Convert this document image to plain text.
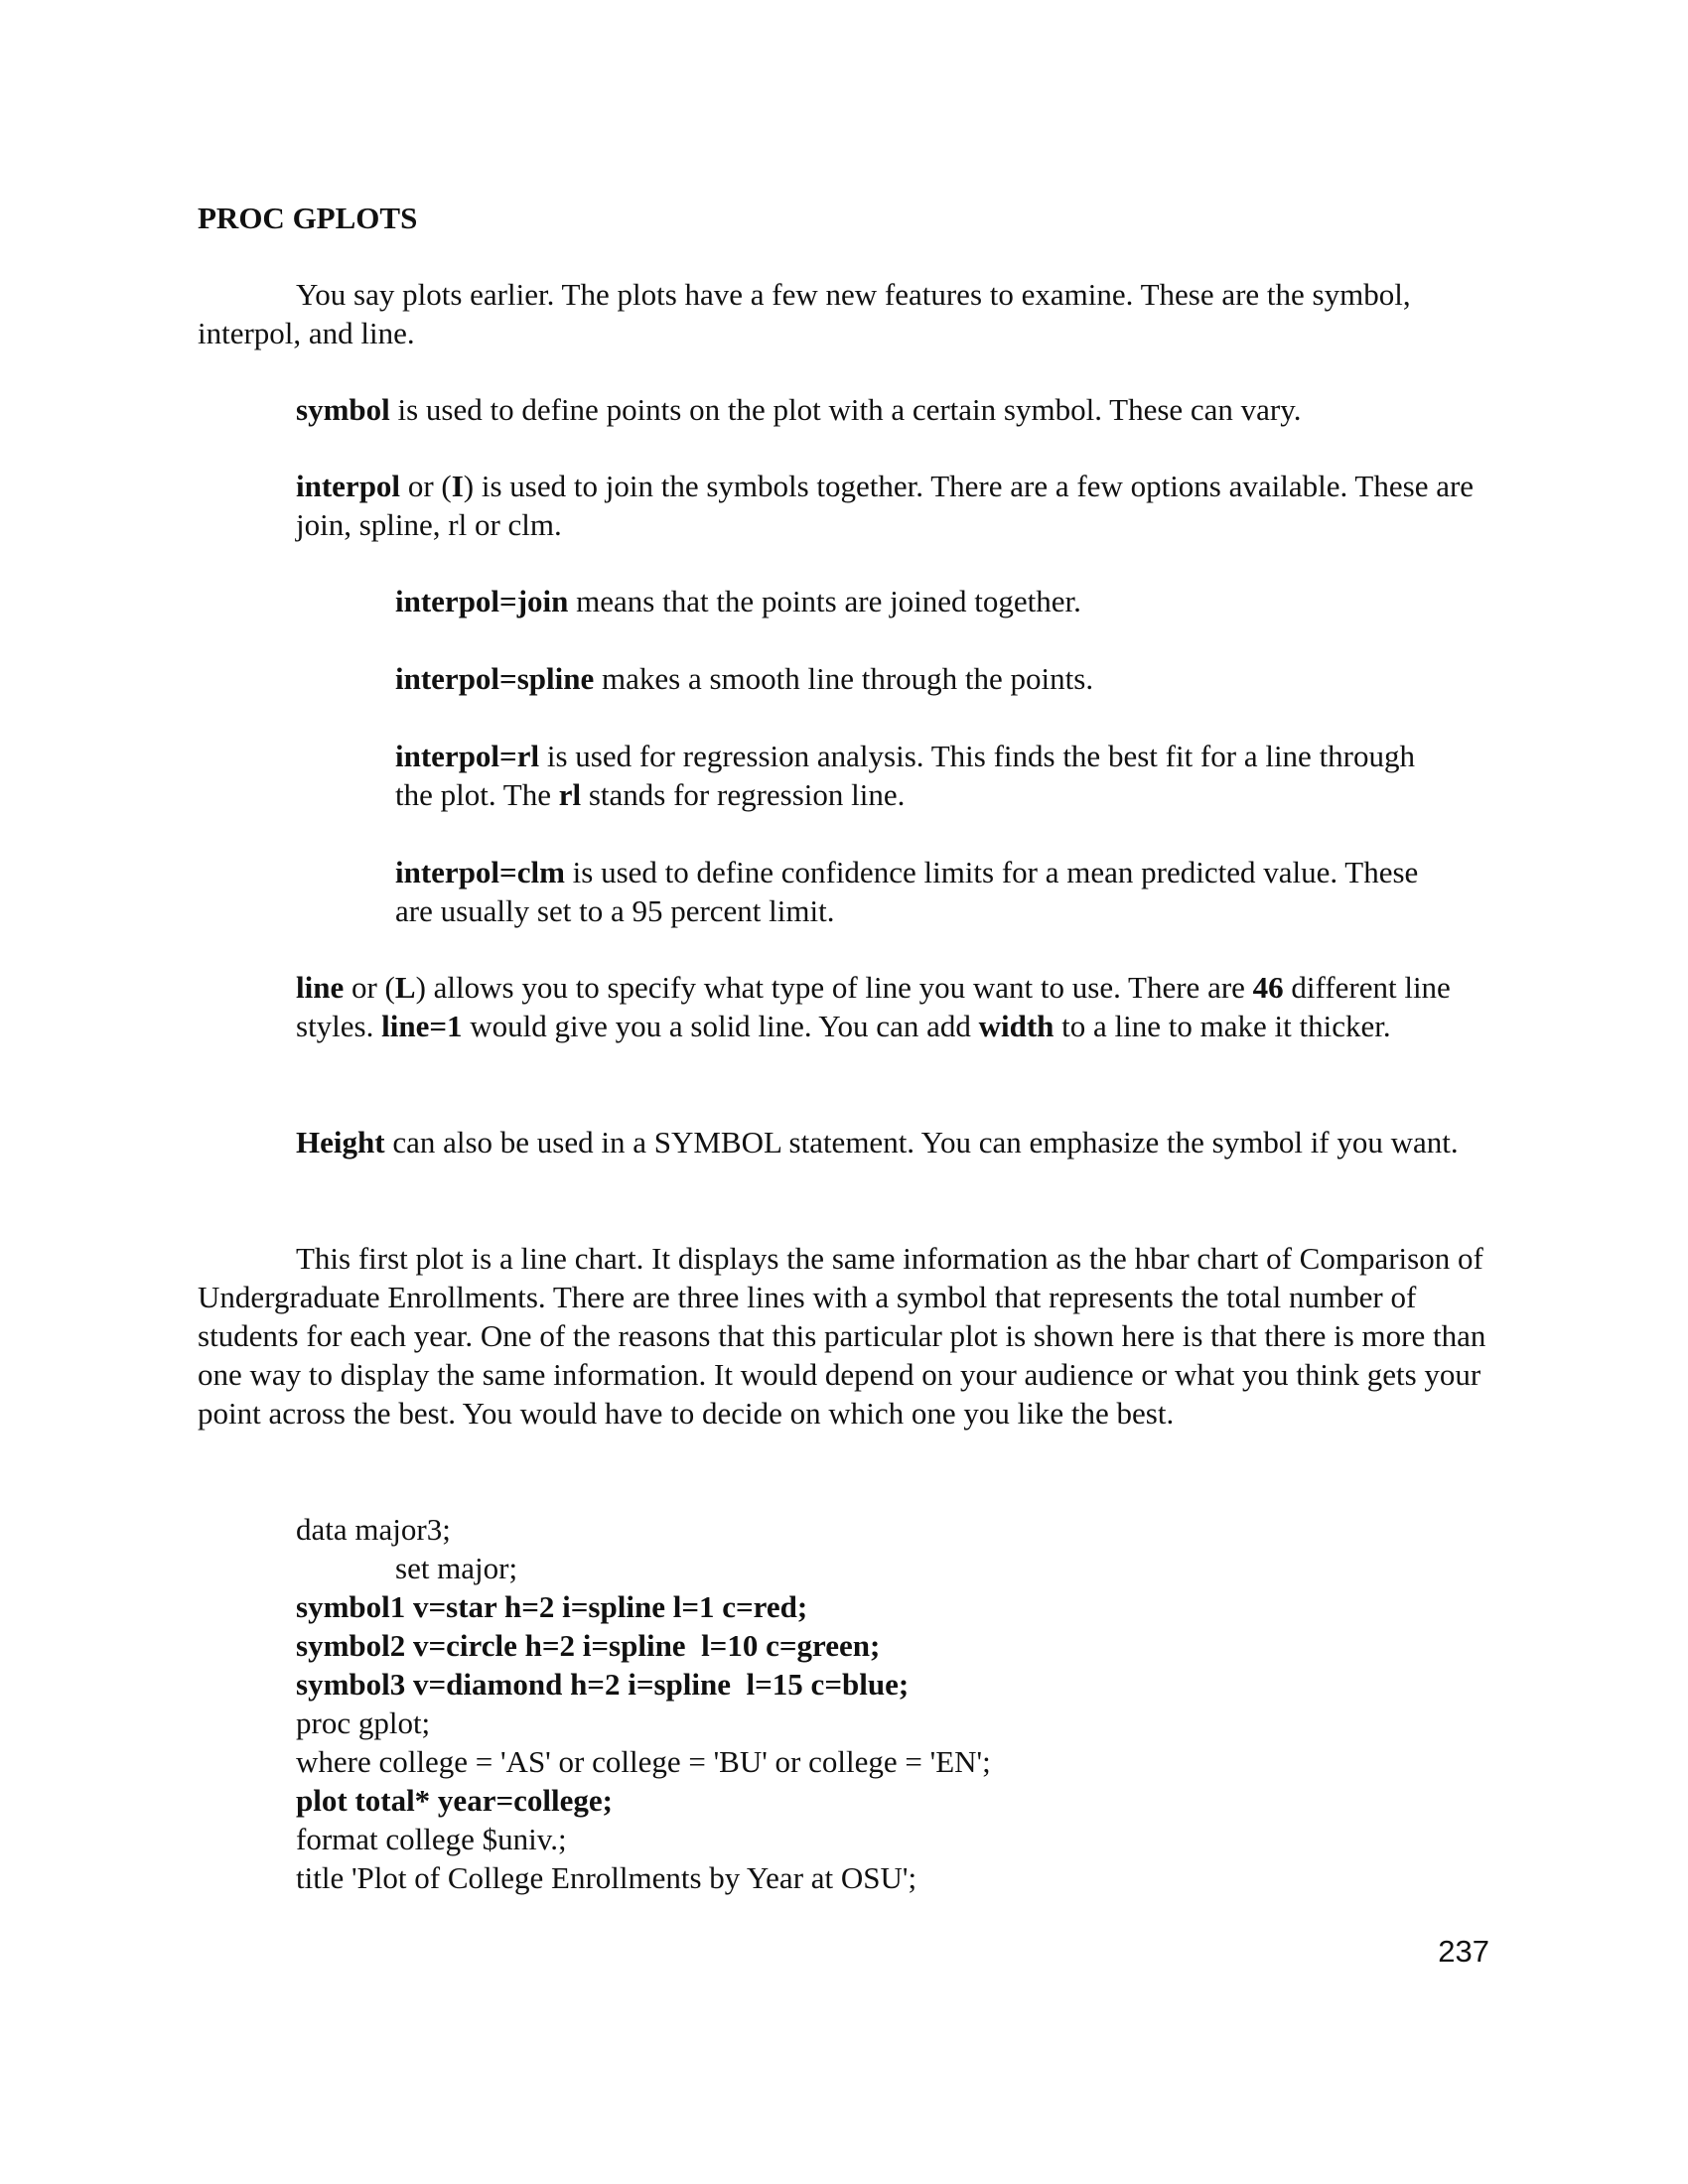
PROC GPLOTS

You say plots earlier. The plots have a few new features to examine. These are the symbol, interpol, and line.

symbol is used to define points on the plot with a certain symbol. These can vary.

interpol or (I) is used to join the symbols together. There are a few options available. These are join, spline, rl or clm.

interpol=join means that the points are joined together.

interpol=spline makes a smooth line through the points.

interpol=rl is used for regression analysis. This finds the best fit for a line through the plot. The rl stands for regression line.

interpol=clm is used to define confidence limits for a mean predicted value. These are usually set to a 95 percent limit.

line or (L) allows you to specify what type of line you want to use. There are 46 different line styles. line=1 would give you a solid line. You can add width to a line to make it thicker.

Height can also be used in a SYMBOL statement. You can emphasize the symbol if you want.

This first plot is a line chart. It displays the same information as the hbar chart of Comparison of Undergraduate Enrollments. There are three lines with a symbol that represents the total number of students for each year. One of the reasons that this particular plot is shown here is that there is more than one way to display the same information. It would depend on your audience or what you think gets your point across the best. You would have to decide on which one you like the best.

data major3;
set major;
symbol1 v=star h=2 i=spline l=1 c=red;
symbol2 v=circle h=2 i=spline  l=10 c=green;
symbol3 v=diamond h=2 i=spline  l=15 c=blue;
proc gplot;
where college = 'AS' or college = 'BU' or college = 'EN';
plot total* year=college;
format college $univ.;
title 'Plot of College Enrollments by Year at OSU';

237
